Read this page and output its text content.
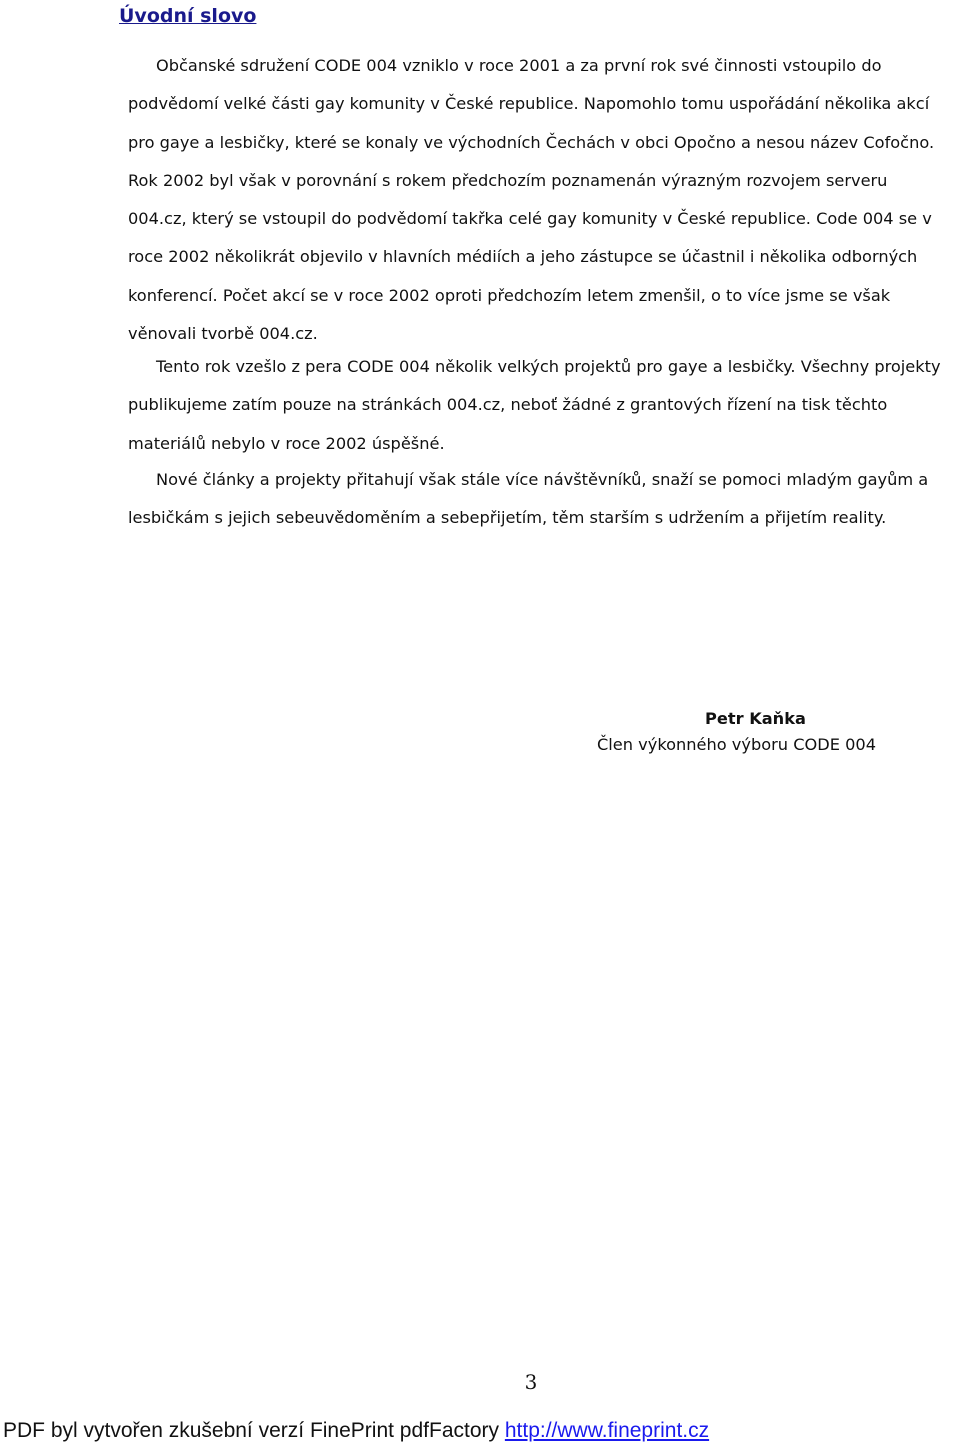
Úvodní slovo

Občanské sdružení CODE 004 vzniklo v roce 2001 a za první rok své činnosti vstoupilo do podvědomí velké části gay komunity v České republice. Napomohlo tomu uspořádání několika akcí pro gaye a lesbičky, které se konaly ve východních Čechách v obci Opočno a nesou název Cofočno. Rok 2002 byl však v porovnání s rokem předchozím poznamenán výrazným rozvojem serveru 004.cz, který se vstoupil do podvědomí takřka celé gay komunity v České republice. Code 004 se v roce 2002 několikrát objevilo v hlavních médiích a jeho zástupce se účastnil i několika odborných konferencí. Počet akcí se v roce 2002 oproti předchozím letem zmenšil, o to více jsme se však věnovali tvorbě 004.cz.

Tento rok vzešlo z pera CODE 004 několik velkých projektů pro gaye a lesbičky. Všechny projekty publikujeme zatím pouze na stránkách 004.cz, neboť žádné z grantových řízení na tisk těchto materiálů nebylo v roce 2002 úspěšné.

Nové články a projekty přitahují však stále více návštěvníků, snaží se pomoci mladým gayům a lesbičkám s jejich sebeuvědoměním a sebepřijetím, těm starším s udržením a přijetím reality.

Petr Kaňka
Člen výkonného výboru CODE 004
3
PDF byl vytvořen zkušební verzí FinePrint pdfFactory http://www.fineprint.cz
